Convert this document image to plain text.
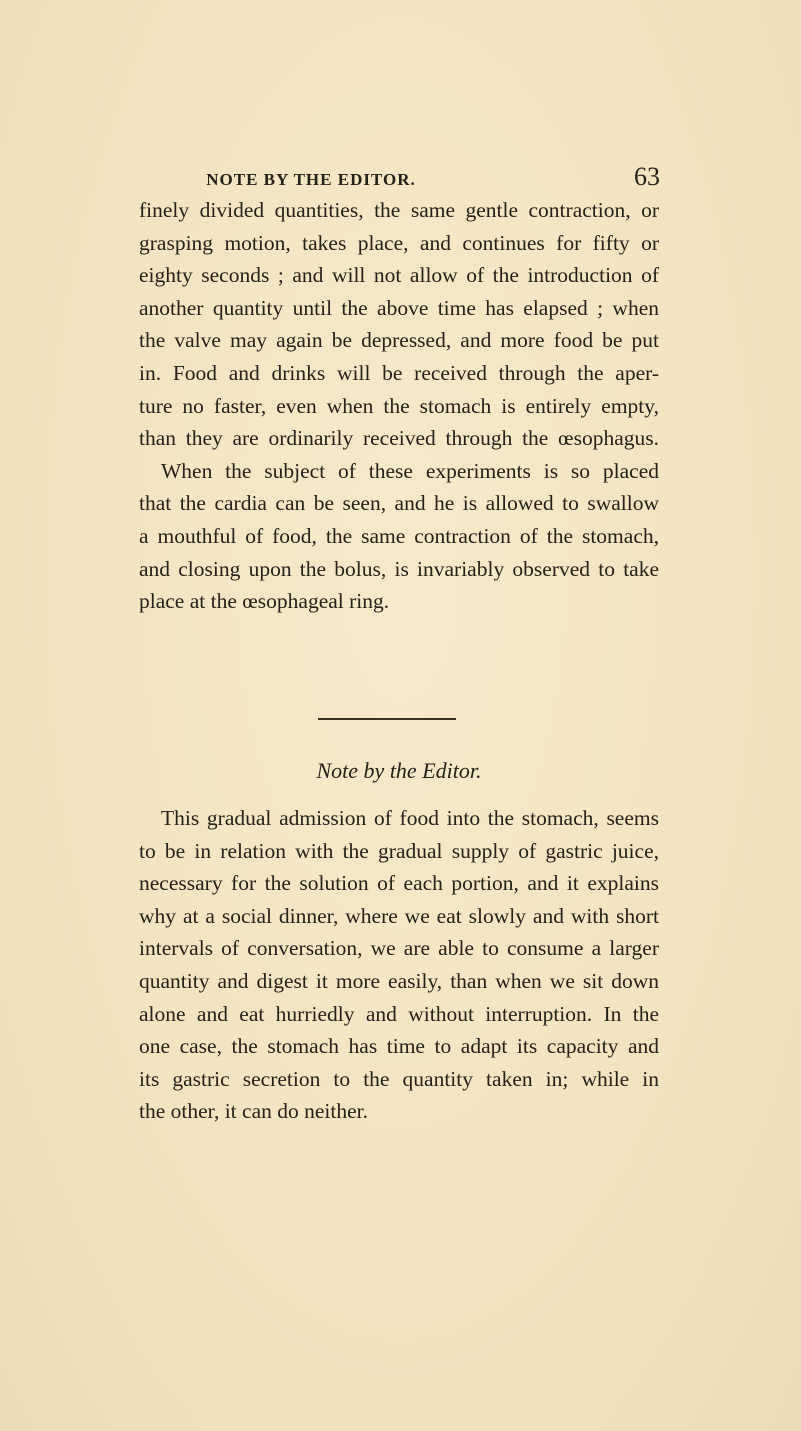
NOTE BY THE EDITOR.	63

finely divided quantities, the same gentle contraction, or
grasping motion, takes place, and continues for fifty or
eighty seconds ; and will not allow of the introduction of
another quantity until the above time has elapsed ; when
the valve may again be depressed, and more food be put
in. Food and drinks will be received through the aper-
ture no faster, even when the stomach is entirely empty,
than they are ordinarily received through the œsophagus.
When the subject of these experiments is so placed
that the cardia can be seen, and he is allowed to swallow
a mouthful of food, the same contraction of the stomach,
and closing upon the bolus, is invariably observed to take
place at the œsophageal ring.

Note by the Editor.

This gradual admission of food into the stomach, seems
to be in relation with the gradual supply of gastric juice,
necessary for the solution of each portion, and it explains
why at a social dinner, where we eat slowly and with short
intervals of conversation, we are able to consume a larger
quantity and digest it more easily, than when we sit down
alone and eat hurriedly and without interruption. In the
one case, the stomach has time to adapt its capacity and
its gastric secretion to the quantity taken in; while in
the other, it can do neither.
